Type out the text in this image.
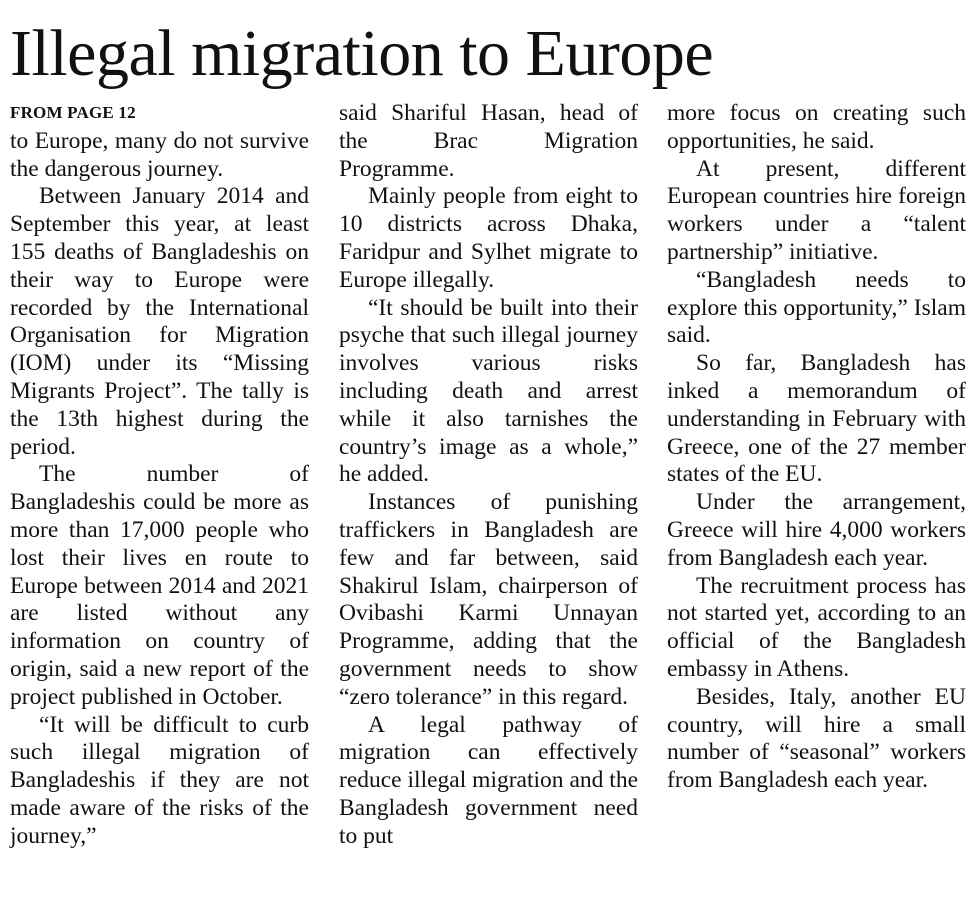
Illegal migration to Europe
FROM PAGE 12

to Europe, many do not survive the dangerous journey.

Between January 2014 and September this year, at least 155 deaths of Bangladeshis on their way to Europe were recorded by the International Organisation for Migration (IOM) under its “Missing Migrants Project”. The tally is the 13th highest during the period.

The number of Bangladeshis could be more as more than 17,000 people who lost their lives en route to Europe between 2014 and 2021 are listed without any information on country of origin, said a new report of the project published in October.

“It will be difficult to curb such illegal migration of Bangladeshis if they are not made aware of the risks of the journey,”

said Shariful Hasan, head of the Brac Migration Programme.

Mainly people from eight to 10 districts across Dhaka, Faridpur and Sylhet migrate to Europe illegally.

“It should be built into their psyche that such illegal journey involves various risks including death and arrest while it also tarnishes the country’s image as a whole,” he added.

Instances of punishing traffickers in Bangladesh are few and far between, said Shakirul Islam, chairperson of Ovibashi Karmi Unnayan Programme, adding that the government needs to show “zero tolerance” in this regard.

A legal pathway of migration can effectively reduce illegal migration and the Bangladesh government need to put

more focus on creating such opportunities, he said.

At present, different European countries hire foreign workers under a “talent partnership” initiative.

“Bangladesh needs to explore this opportunity,” Islam said.

So far, Bangladesh has inked a memorandum of understanding in February with Greece, one of the 27 member states of the EU.

Under the arrangement, Greece will hire 4,000 workers from Bangladesh each year.

The recruitment process has not started yet, according to an official of the Bangladesh embassy in Athens.

Besides, Italy, another EU country, will hire a small number of “seasonal” workers from Bangladesh each year.
